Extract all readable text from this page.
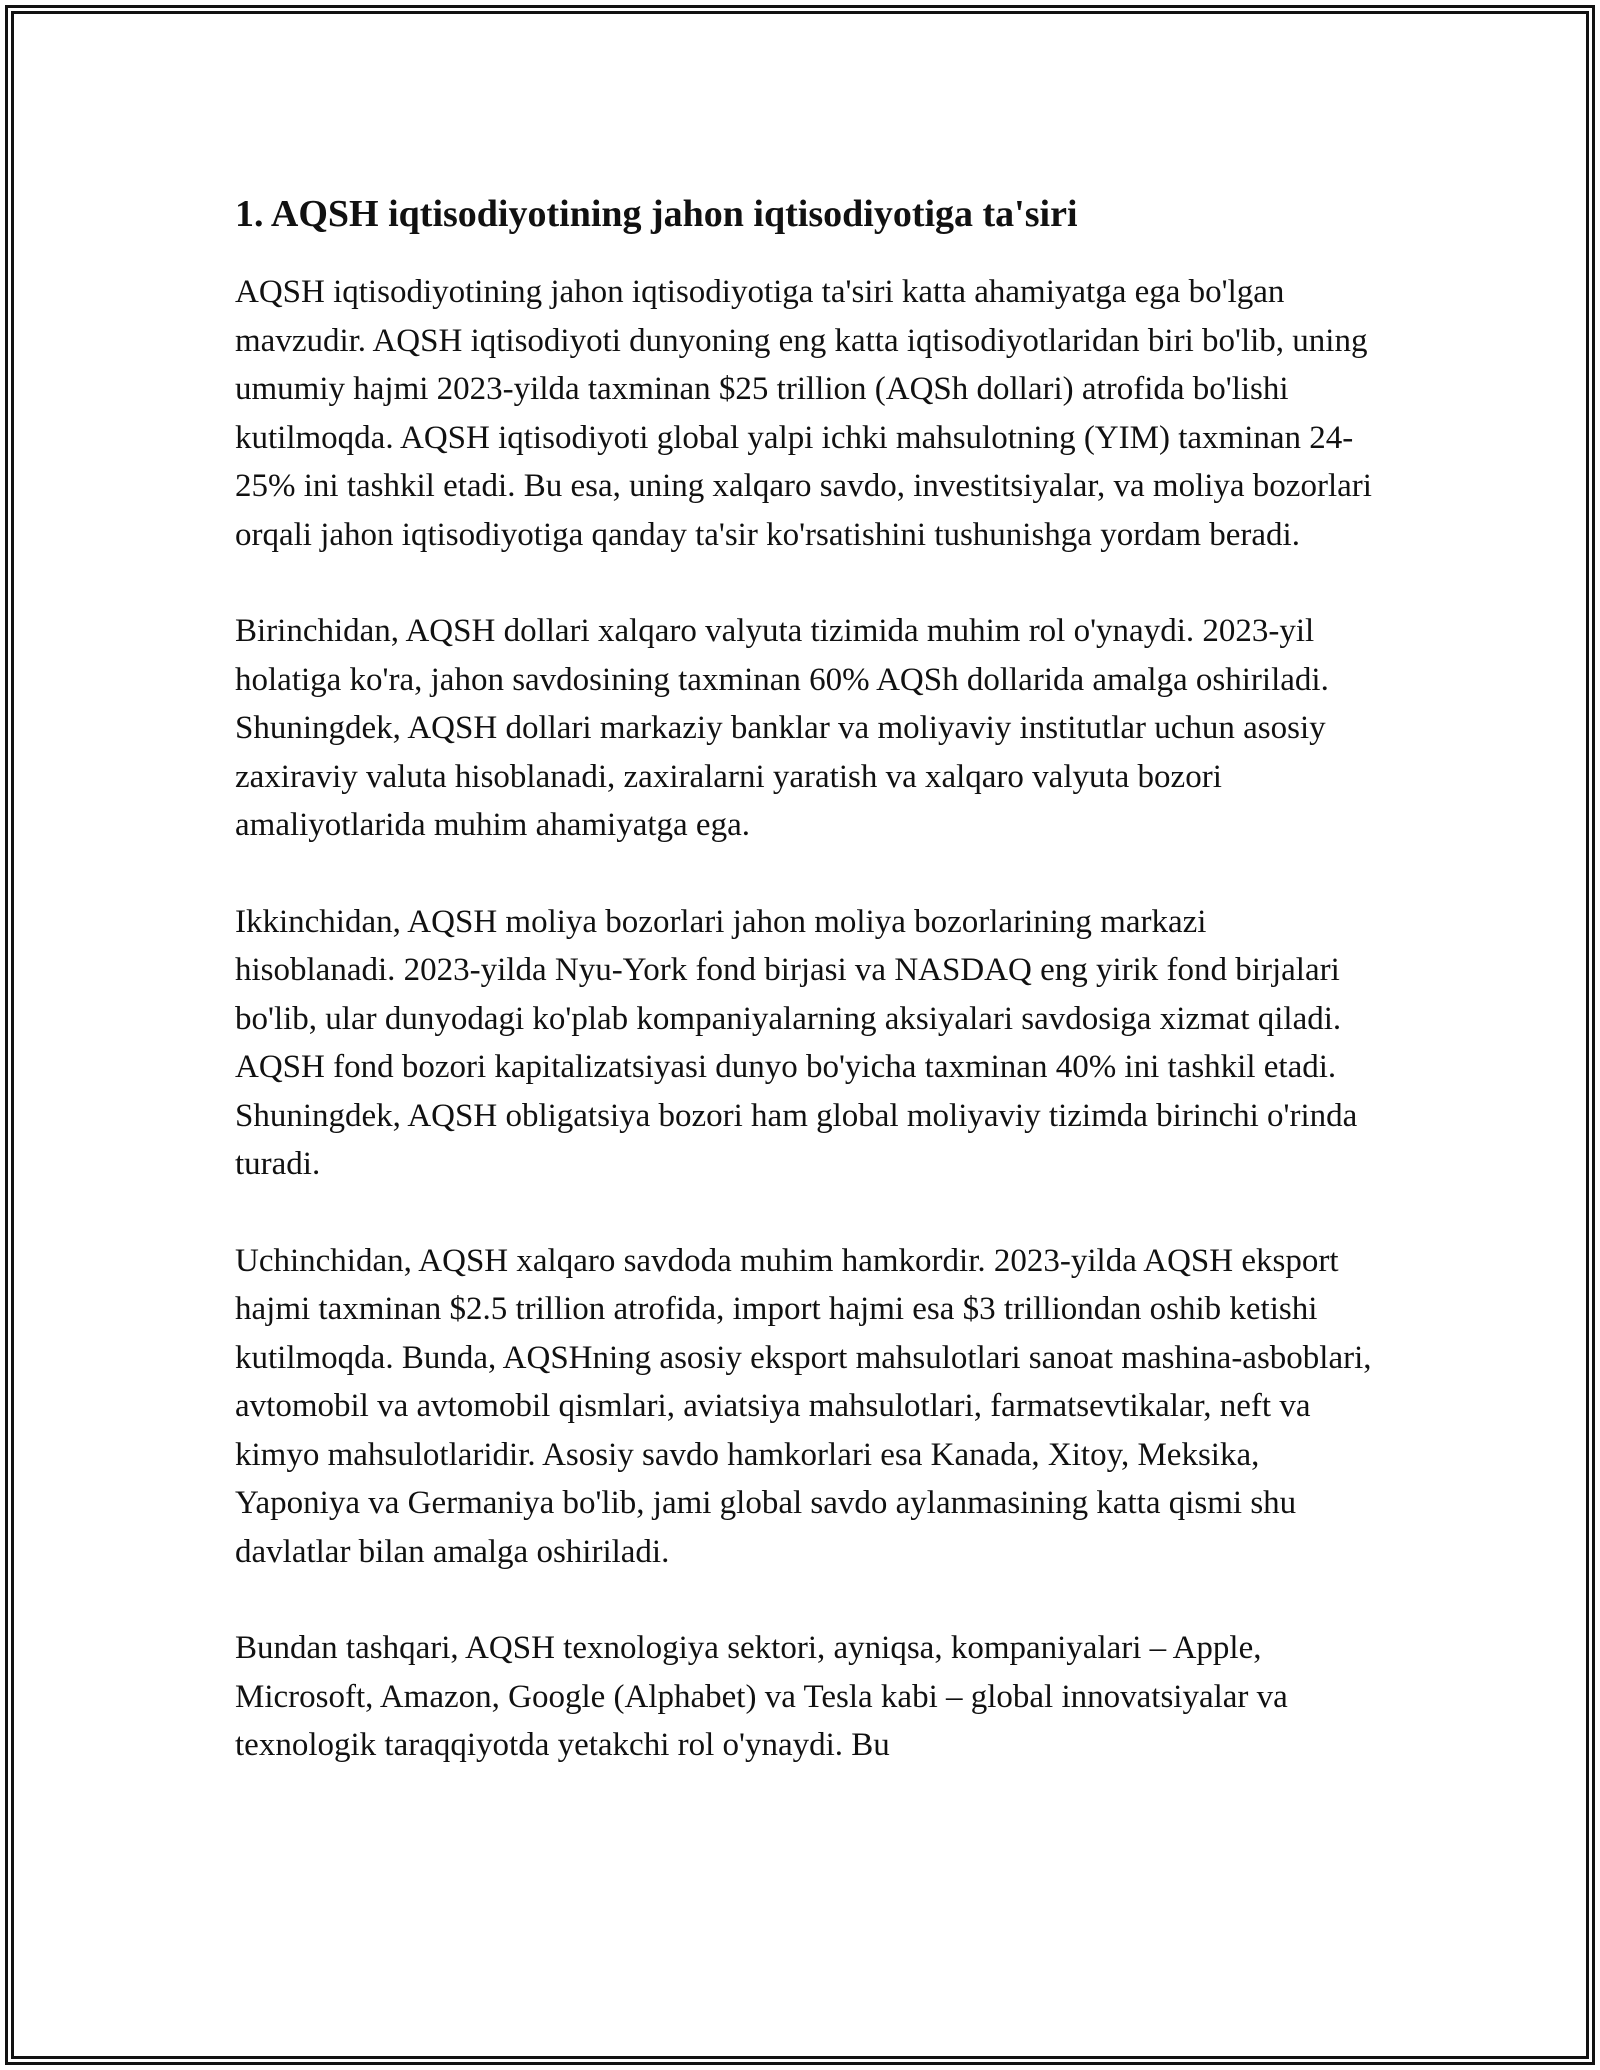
1. AQSH iqtisodiyotining jahon iqtisodiyotiga ta'siri

AQSH iqtisodiyotining jahon iqtisodiyotiga ta'siri katta ahamiyatga ega bo'lgan mavzudir. AQSH iqtisodiyoti dunyoning eng katta iqtisodiyotlaridan biri bo'lib, uning umumiy hajmi 2023-yilda taxminan $25 trillion (AQSh dollari) atrofida bo'lishi kutilmoqda. AQSH iqtisodiyoti global yalpi ichki mahsulotning (YIM) taxminan 24-25% ini tashkil etadi. Bu esa, uning xalqaro savdo, investitsiyalar, va moliya bozorlari orqali jahon iqtisodiyotiga qanday ta'sir ko'rsatishini tushunishga yordam beradi.

Birinchidan, AQSH dollari xalqaro valyuta tizimida muhim rol o'ynaydi. 2023-yil holatiga ko'ra, jahon savdosining taxminan 60% AQSh dollarida amalga oshiriladi. Shuningdek, AQSH dollari markaziy banklar va moliyaviy institutlar uchun asosiy zaxiraviy valuta hisoblanadi, zaxiralarni yaratish va xalqaro valyuta bozori amaliyotlarida muhim ahamiyatga ega.

Ikkinchidan, AQSH moliya bozorlari jahon moliya bozorlarining markazi hisoblanadi. 2023-yilda Nyu-York fond birjasi va NASDAQ eng yirik fond birjalari bo'lib, ular dunyodagi ko'plab kompaniyalarning aksiyalari savdosiga xizmat qiladi. AQSH fond bozori kapitalizatsiyasi dunyo bo'yicha taxminan 40% ini tashkil etadi. Shuningdek, AQSH obligatsiya bozori ham global moliyaviy tizimda birinchi o'rinda turadi.

Uchinchidan, AQSH xalqaro savdoda muhim hamkordir. 2023-yilda AQSH eksport hajmi taxminan $2.5 trillion atrofida, import hajmi esa $3 trilliondan oshib ketishi kutilmoqda. Bunda, AQSHning asosiy eksport mahsulotlari sanoat mashina-asboblari, avtomobil va avtomobil qismlari, aviatsiya mahsulotlari, farmatsevtikalar, neft va kimyo mahsulotlaridir. Asosiy savdo hamkorlari esa Kanada, Xitoy, Meksika, Yaponiya va Germaniya bo'lib, jami global savdo aylanmasining katta qismi shu davlatlar bilan amalga oshiriladi.

Bundan tashqari, AQSH texnologiya sektori, ayniqsa, kompaniyalari – Apple, Microsoft, Amazon, Google (Alphabet) va Tesla kabi – global innovatsiyalar va texnologik taraqqiyotda yetakchi rol o'ynaydi. Bu
